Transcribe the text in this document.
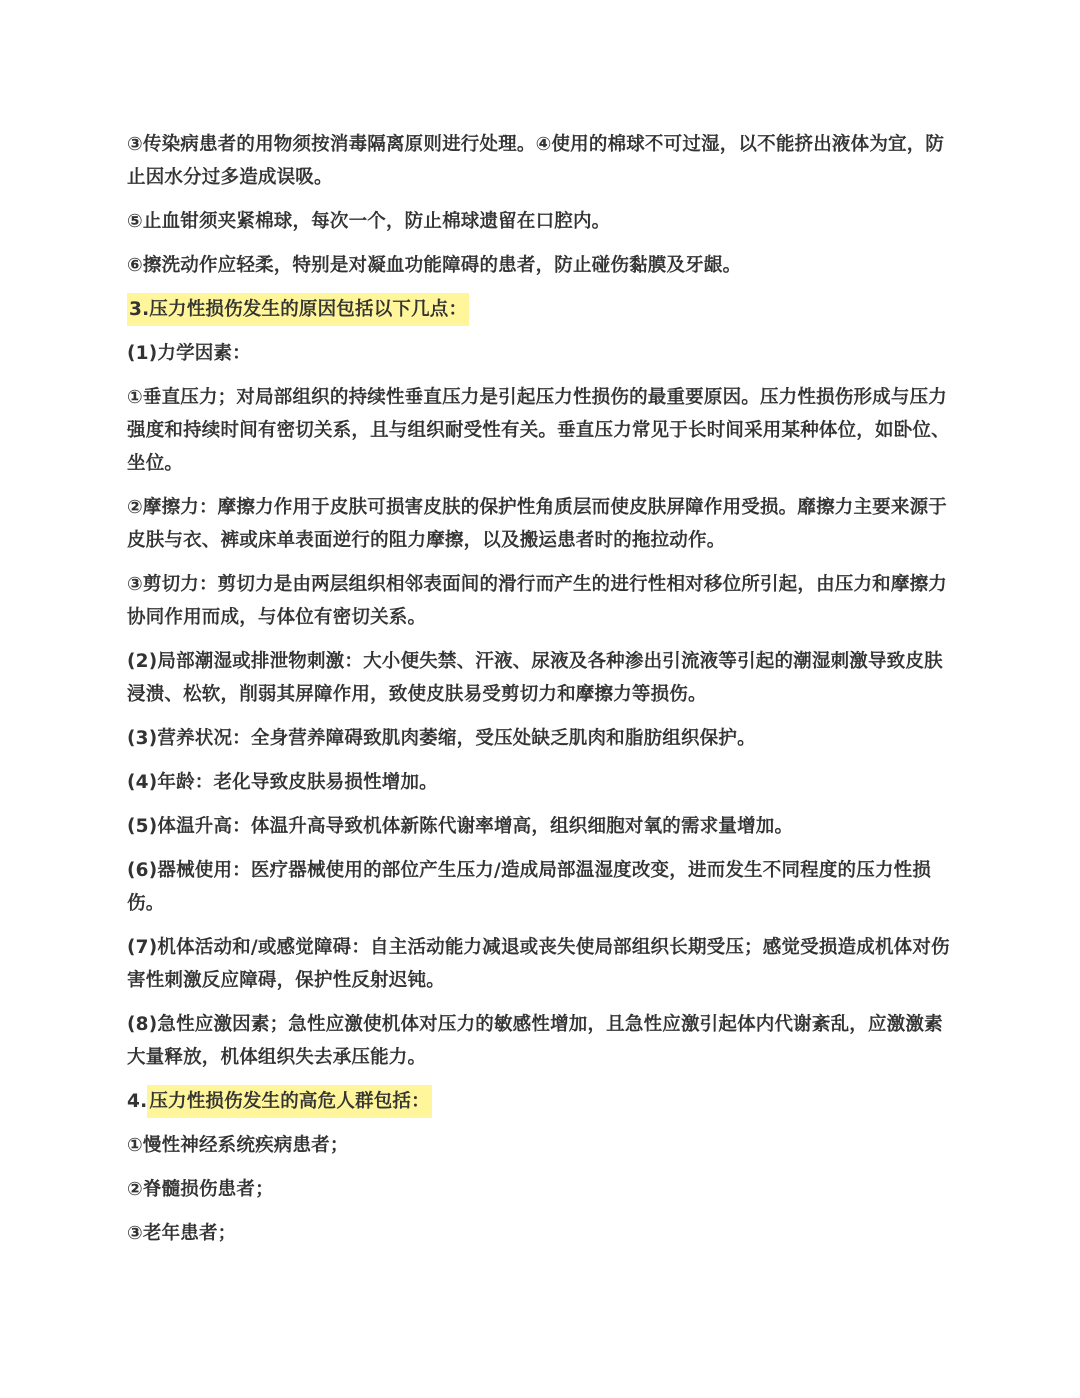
③传染病患者的用物须按消毒隔离原则进行处理。④使用的棉球不可过湿，以不能挤出液体为宜，防止因水分过多造成误吸。

⑤止血钳须夹紧棉球，每次一个，防止棉球遗留在口腔内。

⑥擦洗动作应轻柔，特别是对凝血功能障碍的患者，防止碰伤黏膜及牙龈。

3.压力性损伤发生的原因包括以下几点：

(1)力学因素：

①垂直压力；对局部组织的持续性垂直压力是引起压力性损伤的最重要原因。压力性损伤形成与压力强度和持续时间有密切关系，且与组织耐受性有关。垂直压力常见于长时间采用某种体位，如卧位、坐位。

②摩擦力：摩擦力作用于皮肤可损害皮肤的保护性角质层而使皮肤屏障作用受损。靡擦力主要来源于皮肤与衣、裤或床单表面逆行的阻力摩擦，以及搬运患者时的拖拉动作。

③剪切力：剪切力是由两层组织相邻表面间的滑行而产生的进行性相对移位所引起，由压力和摩擦力协同作用而成，与体位有密切关系。

(2)局部潮湿或排泄物刺激：大小便失禁、汗液、尿液及各种渗出引流液等引起的潮湿刺激导致皮肤浸溃、松软，削弱其屏障作用，致使皮肤易受剪切力和摩擦力等损伤。

(3)营养状况：全身营养障碍致肌肉萎缩，受压处缺乏肌肉和脂肪组织保护。

(4)年龄：老化导致皮肤易损性增加。

(5)体温升高：体温升高导致机体新陈代谢率增高，组织细胞对氧的需求量增加。

(6)器械使用：医疗器械使用的部位产生压力/造成局部温湿度改变，进而发生不同程度的压力性损伤。

(7)机体活动和/或感觉障碍：自主活动能力减退或丧失使局部组织长期受压；感觉受损造成机体对伤害性刺激反应障碍，保护性反射迟钝。

(8)急性应激因素；急性应激使机体对压力的敏感性增加，且急性应激引起体内代谢紊乱，应激激素大量释放，机体组织失去承压能力。

4. 压力性损伤发生的高危人群包括：

①慢性神经系统疾病患者；

②脊髓损伤患者；

③老年患者；
